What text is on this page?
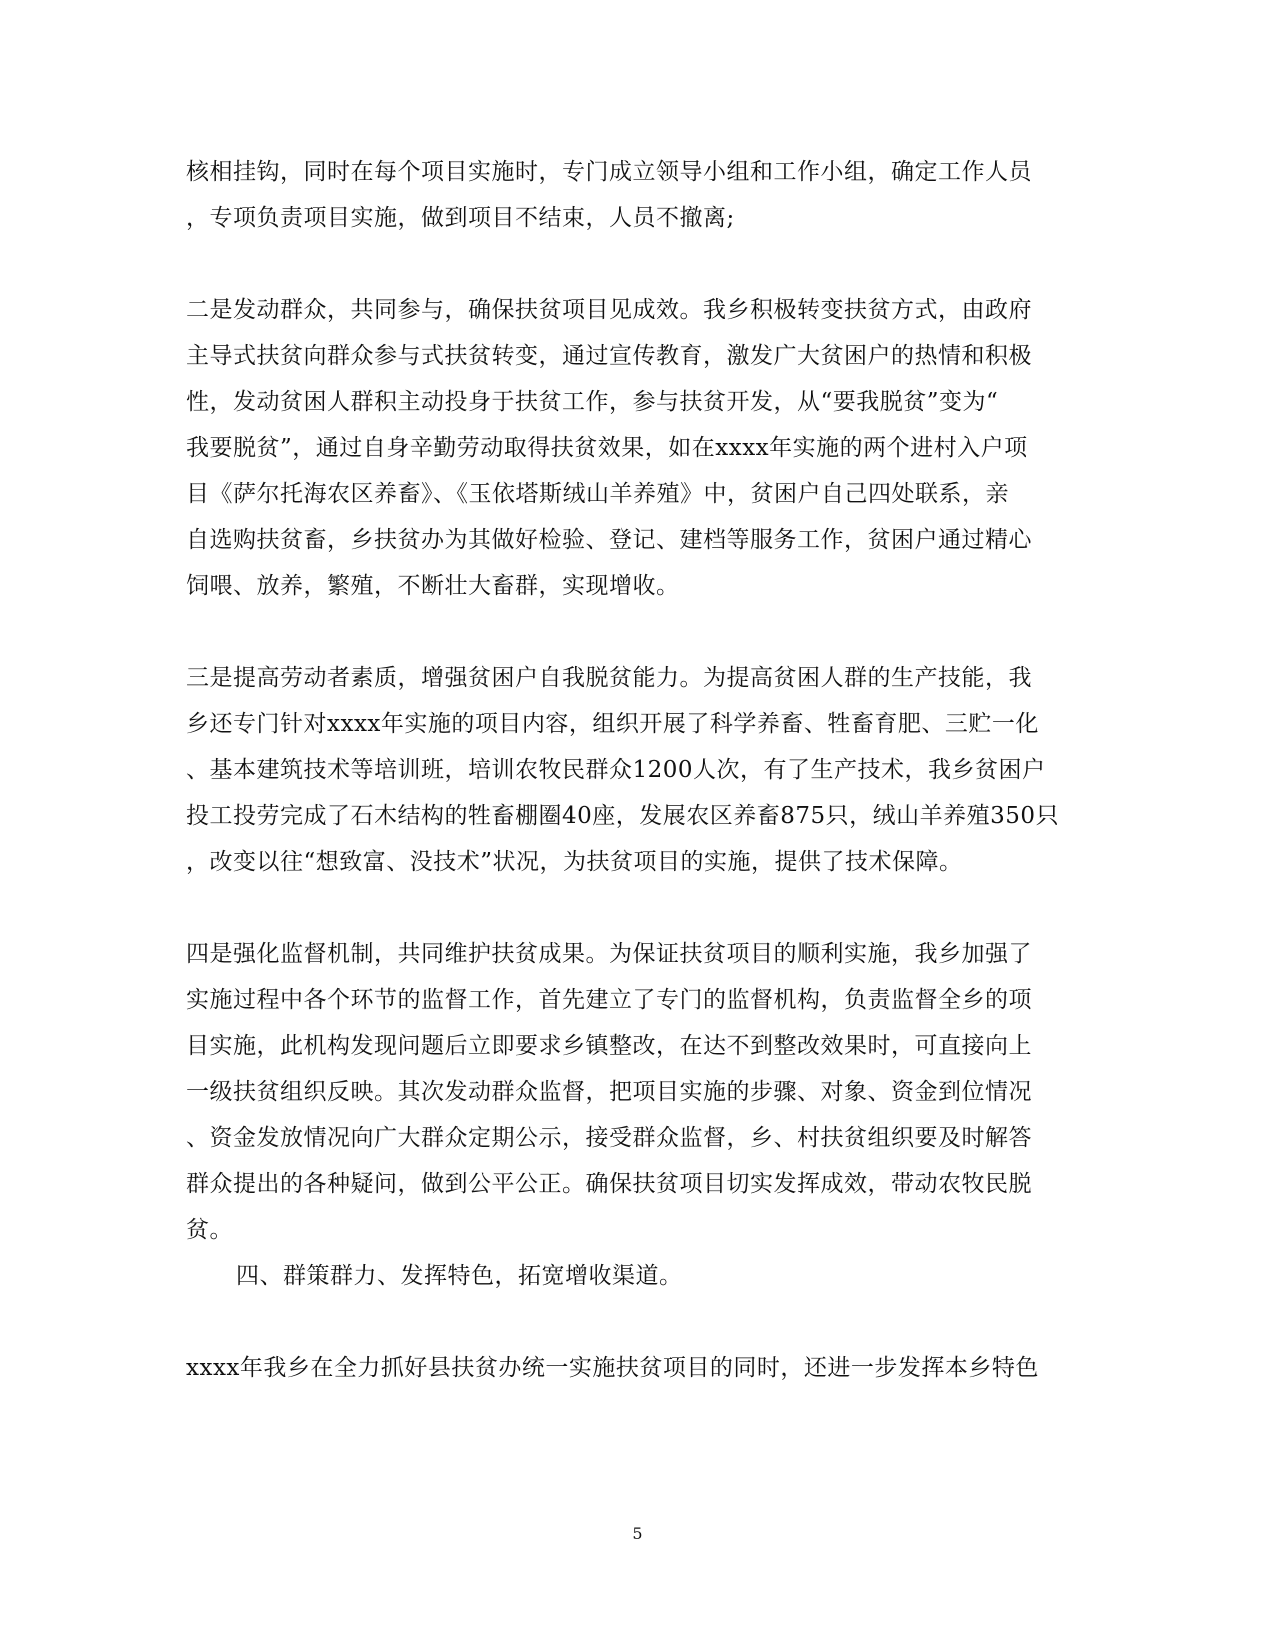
核相挂钩，同时在每个项目实施时，专门成立领导小组和工作小组，确定工作人员
，专项负责项目实施，做到项目不结束，人员不撤离;
二是发动群众，共同参与，确保扶贫项目见成效。我乡积极转变扶贫方式，由政府
主导式扶贫向群众参与式扶贫转变，通过宣传教育，激发广大贫困户的热情和积极
性，发动贫困人群积主动投身于扶贫工作，参与扶贫开发，从“要我脱贫”变为“
我要脱贫”，通过自身辛勤劳动取得扶贫效果，如在xxxx年实施的两个进村入户项
目《萨尔托海农区养畜》、《玉依塔斯绒山羊养殖》中，贫困户自己四处联系，亲
自选购扶贫畜，乡扶贫办为其做好检验、登记、建档等服务工作，贫困户通过精心
饲喂、放养，繁殖，不断壮大畜群，实现增收。
三是提高劳动者素质，增强贫困户自我脱贫能力。为提高贫困人群的生产技能，我
乡还专门针对xxxx年实施的项目内容，组织开展了科学养畜、牲畜育肥、三贮一化
、基本建筑技术等培训班，培训农牧民群众1200人次，有了生产技术，我乡贫困户
投工投劳完成了石木结构的牲畜棚圈40座，发展农区养畜875只，绒山羊养殖350只
，改变以往“想致富、没技术”状况，为扶贫项目的实施，提供了技术保障。
四是强化监督机制，共同维护扶贫成果。为保证扶贫项目的顺利实施，我乡加强了
实施过程中各个环节的监督工作，首先建立了专门的监督机构，负责监督全乡的项
目实施，此机构发现问题后立即要求乡镇整改，在达不到整改效果时，可直接向上
一级扶贫组织反映。其次发动群众监督，把项目实施的步骤、对象、资金到位情况
、资金发放情况向广大群众定期公示，接受群众监督，乡、村扶贫组织要及时解答
群众提出的各种疑问，做到公平公正。确保扶贫项目切实发挥成效，带动农牧民脱
贫。
四、群策群力、发挥特色，拓宽增收渠道。
xxxx年我乡在全力抓好县扶贫办统一实施扶贫项目的同时，还进一步发挥本乡特色
5
